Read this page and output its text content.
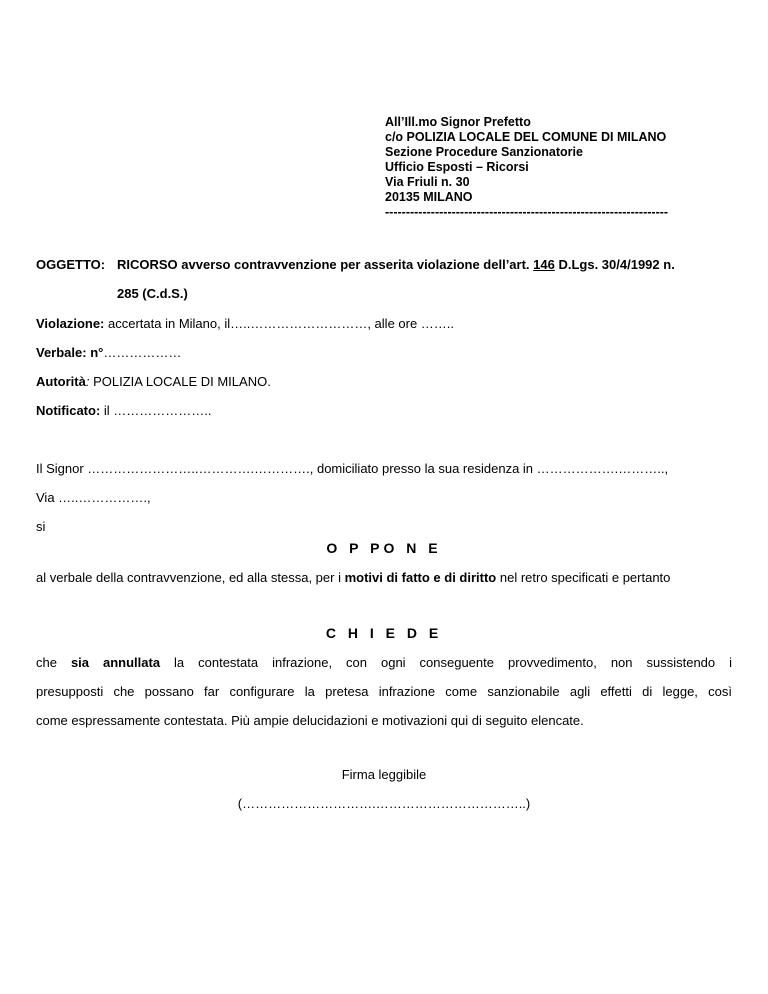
All’Ill.mo Signor Prefetto
c/o POLIZIA LOCALE DEL COMUNE DI MILANO
Sezione Procedure Sanzionatorie
Ufficio Esposti – Ricorsi
Via Friuli n. 30
20135 MILANO
--------------------------------------------------------------------
OGGETTO: RICORSO avverso contravvenzione per asserita violazione dell’art. 146 D.Lgs. 30/4/1992 n.
285 (C.d.S.)
Violazione: accertata in Milano, il…..………………………, alle ore ……..
Verbale: n°………………
Autorità: POLIZIA LOCALE DI MILANO.
Notificato: il …………………..
Il Signor ……………………..………….…………., domiciliato presso la sua residenza in ……………….………..,
Via …..…………….,
si
O P PO N E
al verbale della contravvenzione, ed alla stessa, per i motivi di fatto e di diritto nel retro specificati e pertanto
C H I E D E
che sia annullata la contestata infrazione, con ogni conseguente provvedimento, non sussistendo i
presupposti che possano far configurare la pretesa infrazione come sanzionabile agli effetti di legge, così
come espressamente contestata. Più ampie delucidazioni e motivazioni qui di seguito elencate.
Firma leggibile
(………………………….……………………………..)
